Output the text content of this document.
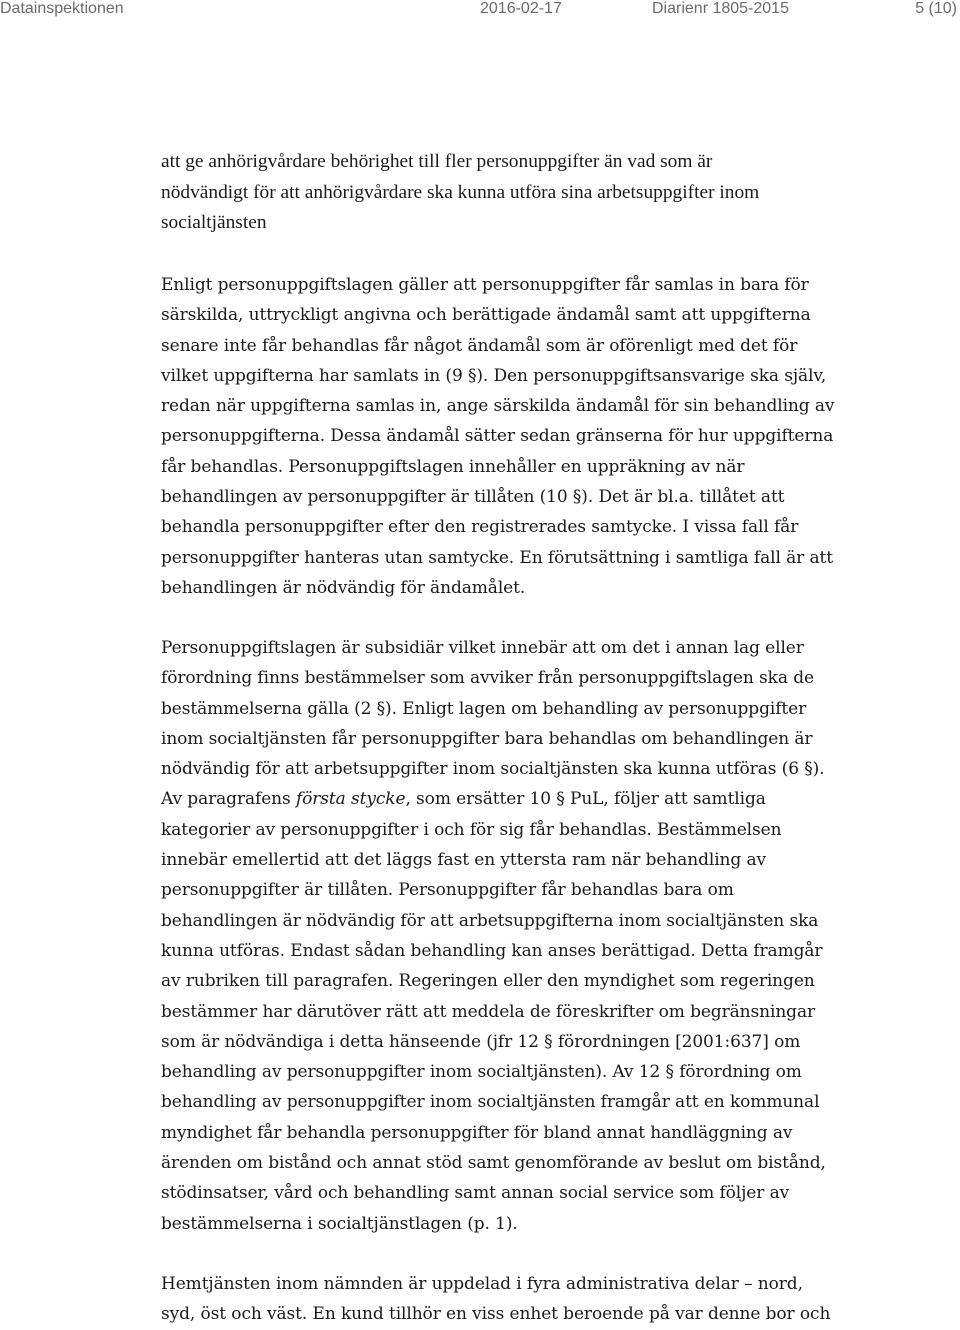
Datainspektionen	2016-02-17	Diarienr 1805-2015	5 (10)
att ge anhörigvårdare behörighet till fler personuppgifter än vad som är
nödvändigt för att anhörigvårdare ska kunna utföra sina arbetsuppgifter inom
socialtjänsten
Enligt personuppgiftslagen gäller att personuppgifter får samlas in bara för
särskilda, uttryckligt angivna och berättigade ändamål samt att uppgifterna
senare inte får behandlas får något ändamål som är oförenligt med det för
vilket uppgifterna har samlats in (9 §). Den personuppgiftsansvarige ska själv,
redan när uppgifterna samlas in, ange särskilda ändamål för sin behandling av
personuppgifterna. Dessa ändamål sätter sedan gränserna för hur uppgifterna
får behandlas. Personuppgiftslagen innehåller en uppräkning av när
behandlingen av personuppgifter är tillåten (10 §). Det är bl.a. tillåtet att
behandla personuppgifter efter den registrerades samtycke. I vissa fall får
personuppgifter hanteras utan samtycke. En förutsättning i samtliga fall är att
behandlingen är nödvändig för ändamålet.
Personuppgiftslagen är subsidiär vilket innebär att om det i annan lag eller
förordning finns bestämmelser som avviker från personuppgiftslagen ska de
bestämmelserna gälla (2 §). Enligt lagen om behandling av personuppgifter
inom socialtjänsten får personuppgifter bara behandlas om behandlingen är
nödvändig för att arbetsuppgifter inom socialtjänsten ska kunna utföras (6 §).
Av paragrafens första stycke, som ersätter 10 § PuL, följer att samtliga
kategorier av personuppgifter i och för sig får behandlas. Bestämmelsen
innebär emellertid att det läggs fast en yttersta ram när behandling av
personuppgifter är tillåten. Personuppgifter får behandlas bara om
behandlingen är nödvändig för att arbetsuppgifterna inom socialtjänsten ska
kunna utföras. Endast sådan behandling kan anses berättigad. Detta framgår
av rubriken till paragrafen. Regeringen eller den myndighet som regeringen
bestämmer har därutöver rätt att meddela de föreskrifter om begränsningar
som är nödvändiga i detta hänseende (jfr 12 § förordningen [2001:637] om
behandling av personuppgifter inom socialtjänsten). Av 12 § förordning om
behandling av personuppgifter inom socialtjänsten framgår att en kommunal
myndighet får behandla personuppgifter för bland annat handläggning av
ärenden om bistånd och annat stöd samt genomförande av beslut om bistånd,
stödinsatser, vård och behandling samt annan social service som följer av
bestämmelserna i socialtjänstlagen (p. 1).
Hemtjänsten inom nämnden är uppdelad i fyra administrativa delar – nord,
syd, öst och väst. En kund tillhör en viss enhet beroende på var denne bor och
